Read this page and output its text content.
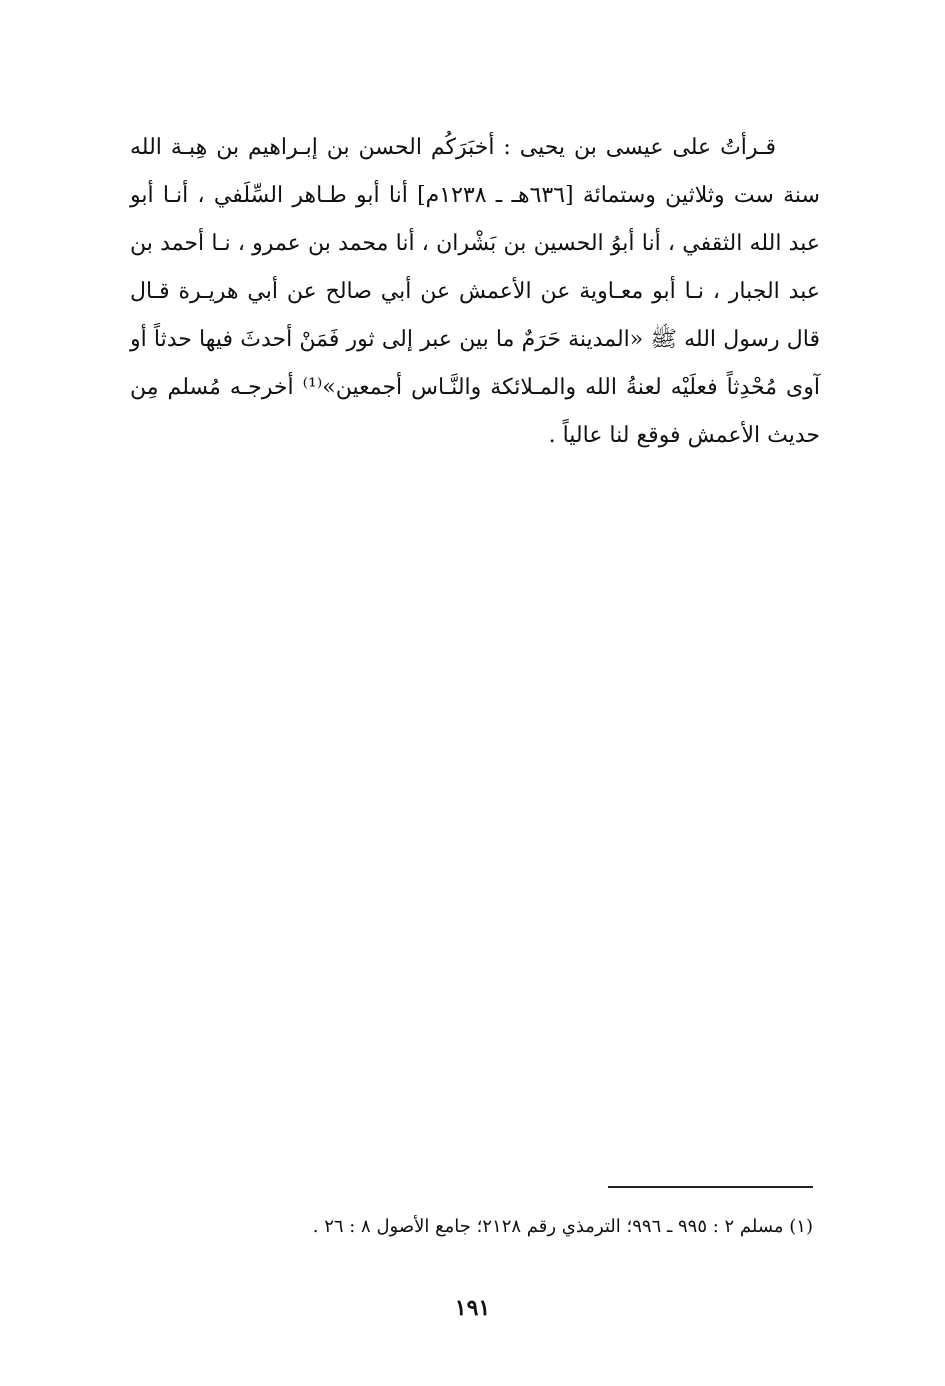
قـرأتُ على عيسى بن يحيى : أخبَرَكُم الحسن بن إبـراهيم بن هِبـة الله
سنة ست وثلاثين وستمائة [٦٣٦هـ ـ ١٢٣٨م] أنا أبو طـاهر السِّلَفي ، أنـا أبو
عبد الله الثقفي ، أنا أبوُ الحسين بن بَشْران ، أنا محمد بن عمرو ، نـا أحمد بن
عبد الجبار ، نـا أبو معـاوية عن الأعمش عن أبي صالح عن أبي هريـرة قـال
قال رسول الله ﷺ «المدينة حَرَمٌ ما بين عبر إلى ثور فَمَنْ أحدثَ فيها حدثاً أو
آوى مُحْدِثاً فعلَيْه لعنةُ الله والمـلائكة والنَّـاس أجمعين»⁽¹⁾ أخرجـه مُسلم مِن
حديث الأعمش فوقع لنا عالياً .

(١) مسلم ٢ : ٩٩٥ ـ ٩٩٦؛ الترمذي رقم ٢١٢٨؛ جامع الأصول ٨ : ٢٦ .

١٩١
